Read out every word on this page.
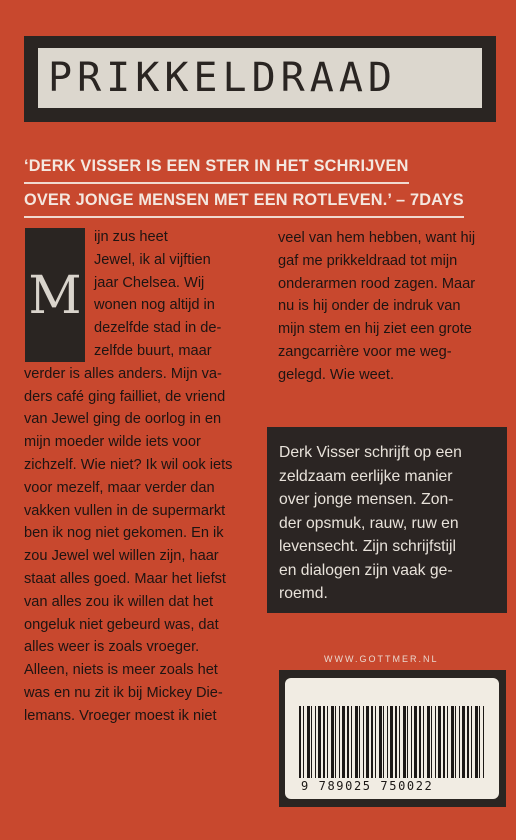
PRIKKELDRAAD
‘DERK VISSER IS EEN STER IN HET SCHRIJVEN
OVER JONGE MENSEN MET EEN ROTLEVEN.’ – 7DAYS
ijn zus heet
Jewel, ik al vijftien
jaar Chelsea. Wij
wonen nog altijd in
dezelfde stad in de-
zelfde buurt, maar
verder is alles anders. Mijn va-
ders café ging failliet, de vriend
van Jewel ging de oorlog in en
mijn moeder wilde iets voor
zichzelf. Wie niet? Ik wil ook iets
voor mezelf, maar verder dan
vakken vullen in de supermarkt
ben ik nog niet gekomen. En ik
zou Jewel wel willen zijn, haar
staat alles goed. Maar het liefst
van alles zou ik willen dat het
ongeluk niet gebeurd was, dat
alles weer is zoals vroeger.
Alleen, niets is meer zoals het
was en nu zit ik bij Mickey Die-
lemans. Vroeger moest ik niet
M
veel van hem hebben, want hij
gaf me prikkeldraad tot mijn
onderarmen rood zagen. Maar
nu is hij onder de indruk van
mijn stem en hij ziet een grote
zangcarrière voor me weg-
gelegd. Wie weet.
Derk Visser schrijft op een
zeldzaam eerlijke manier
over jonge mensen. Zon-
der opsmuk, rauw, ruw en
levensecht. Zijn schrijfstijl
en dialogen zijn vaak ge-
roemd.
WWW.GOTTMER.NL
9 789025 750022
